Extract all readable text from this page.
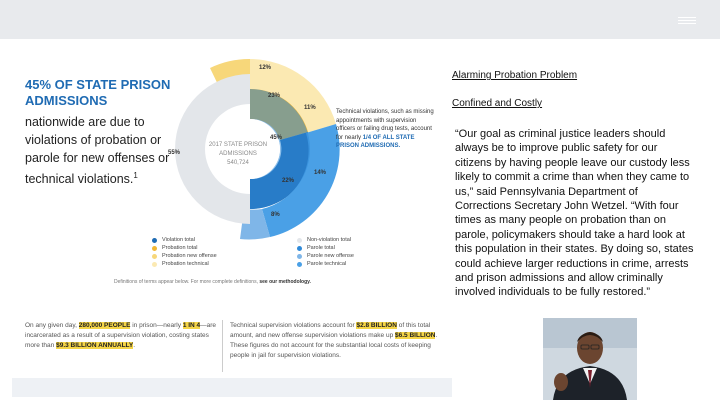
45% OF STATE PRISON ADMISSIONS
nationwide are due to violations of probation or parole for new offenses or technical violations.$^1$
12%
23%
11%
45%
55%
22%
14%
8%
2017 STATE PRISON ADMISSIONS
540,724
Technical violations, such as missing appointments with supervision officers or failing drug tests, account for nearly 1/4 OF ALL STATE PRISON ADMISSIONS.
Violation total	Non-violation total
Probation total	Parole total
Probation new offense	Parole new offense
Probation technical	Parole technical
Definitions of terms appear below. For more complete definitions, see our methodology.
On any given day, 280,000 PEOPLE in prison—nearly 1 IN 4—are incarcerated as a result of a supervision violation, costing states more than $9.3 BILLION ANNUALLY.
Technical supervision violations account for $2.8 BILLION of this total amount, and new offense supervision violations make up $6.5 BILLION. These figures do not account for the substantial local costs of keeping people in jail for supervision violations.
Alarming Probation Problem
Confined and Costly
“Our goal as criminal justice leaders should always be to improve public safety for our citizens by having people leave our custody less likely to commit a crime than when they came to us,” said Pennsylvania Department of Corrections Secretary John Wetzel. “With four times as many people on probation than on parole, policymakers should take a hard look at this population in their states. By doing so, states could achieve larger reductions in crime, arrests and prison admissions and allow criminally involved individuals to be fully restored.”
